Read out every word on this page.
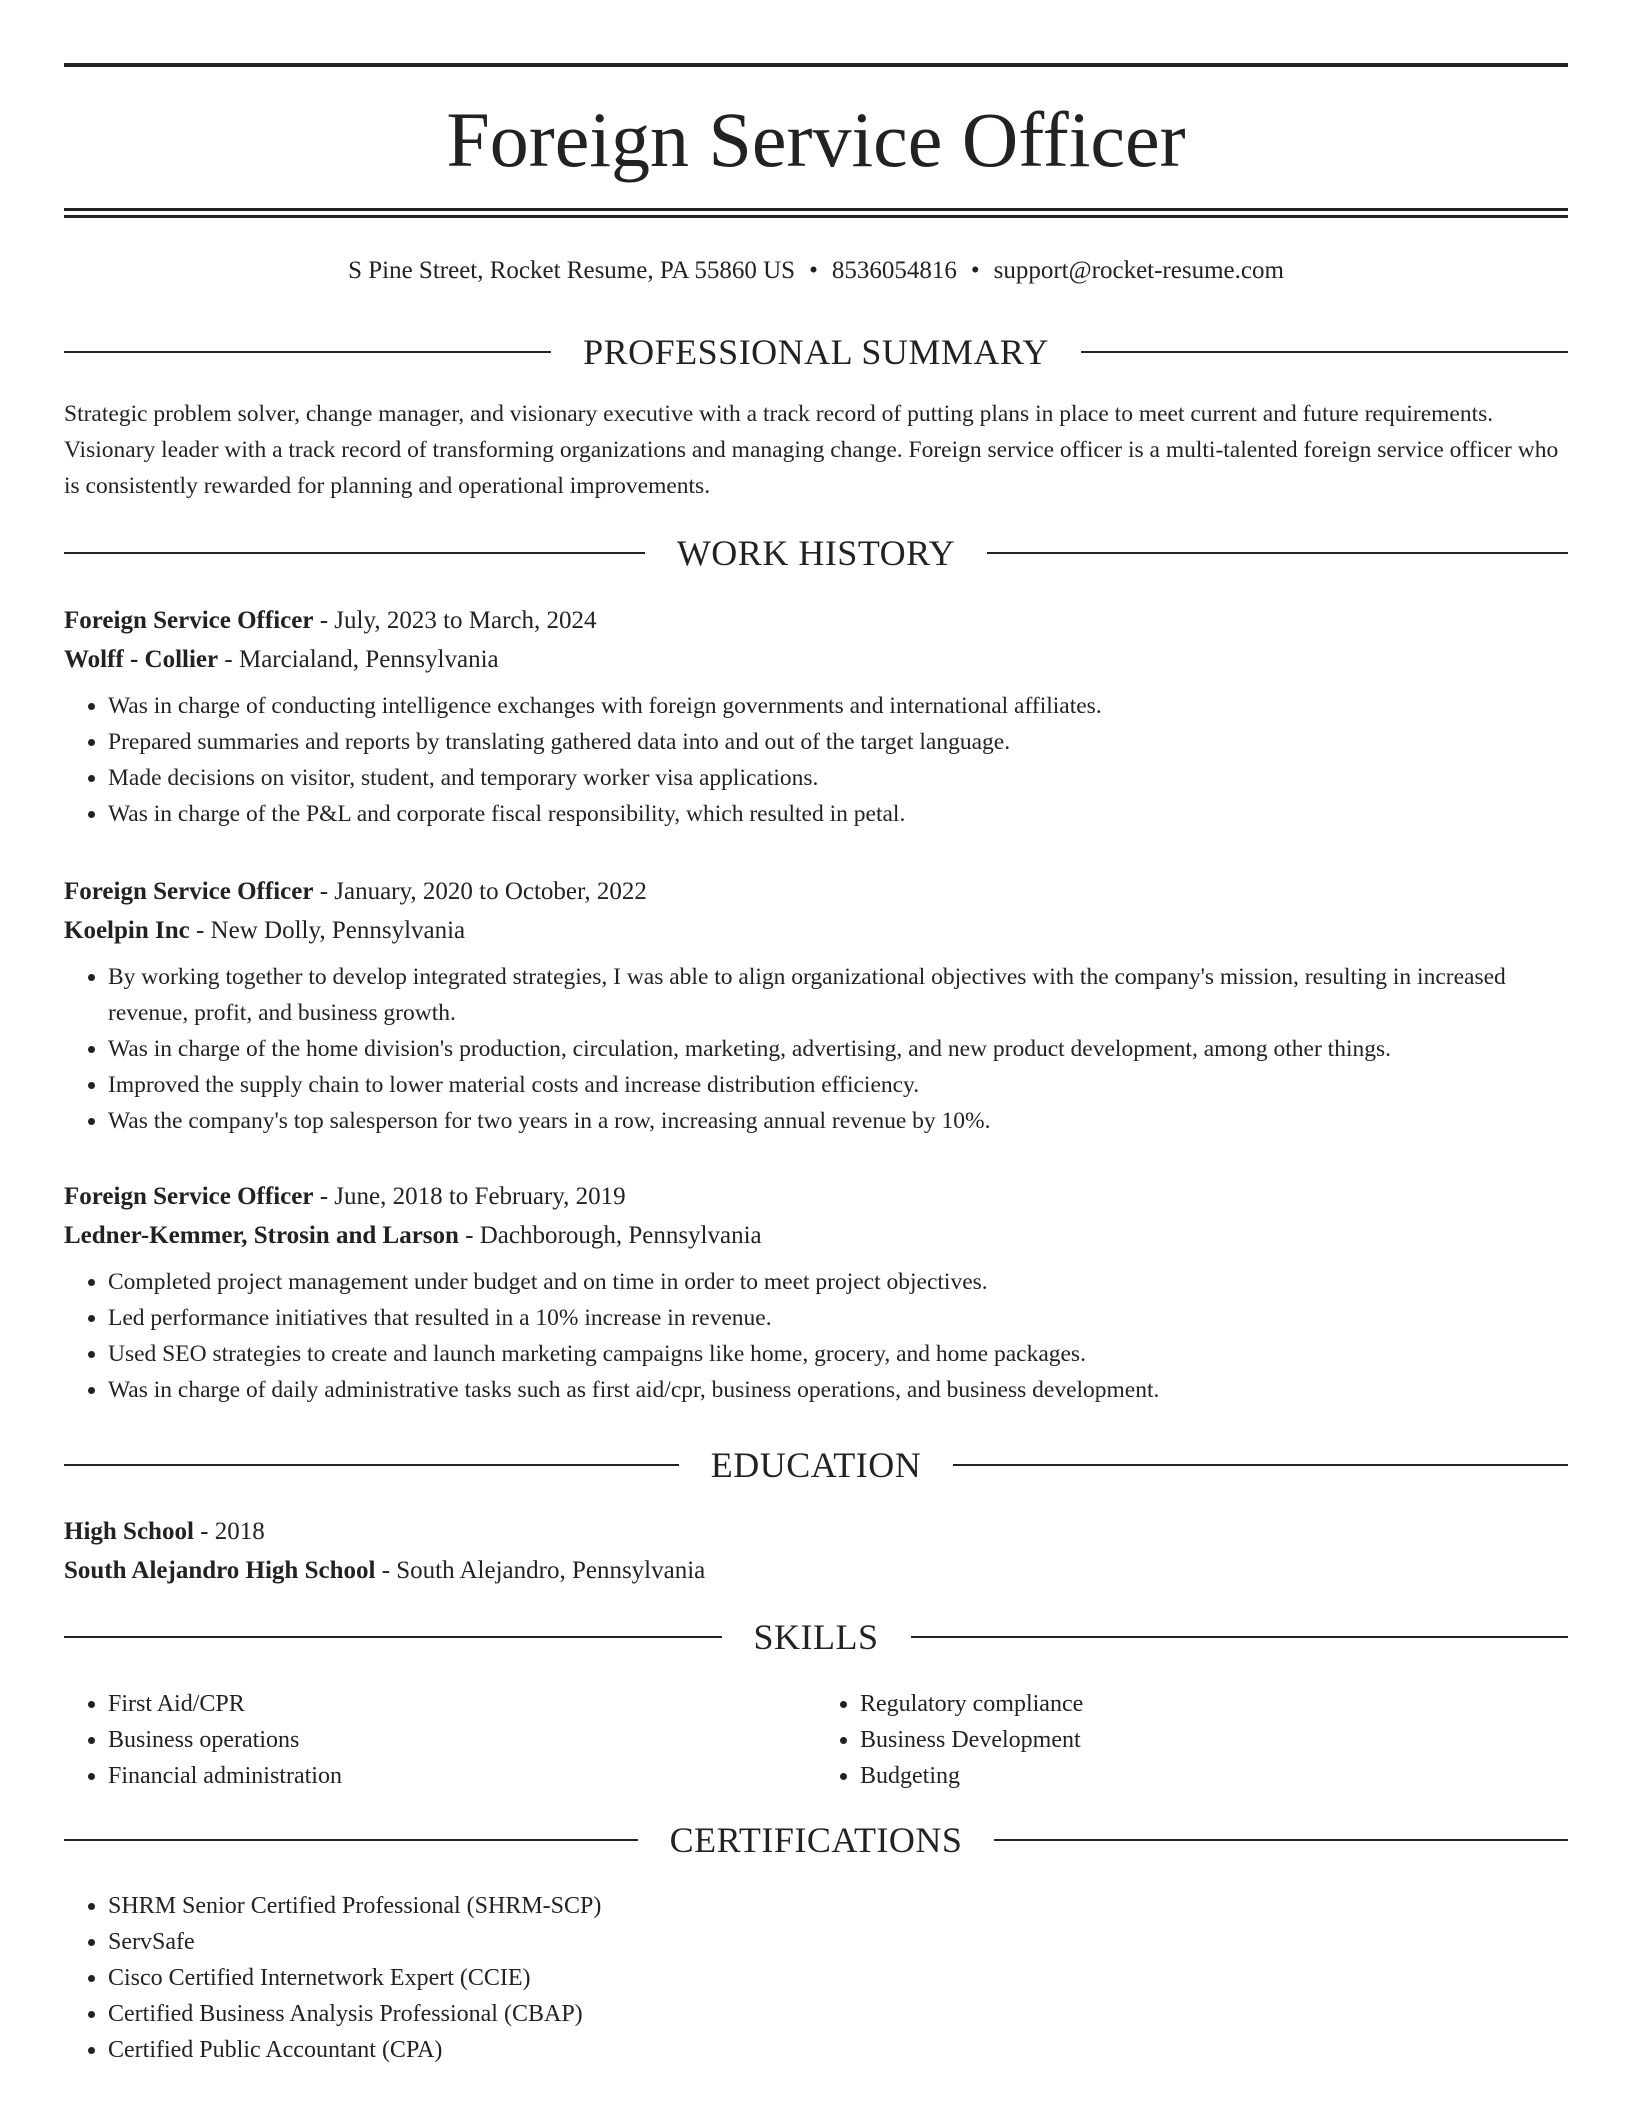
Foreign Service Officer
S Pine Street, Rocket Resume, PA 55860 US • 8536054816 • support@rocket-resume.com
PROFESSIONAL SUMMARY

Strategic problem solver, change manager, and visionary executive with a track record of putting plans in place to meet current and future requirements. Visionary leader with a track record of transforming organizations and managing change. Foreign service officer is a multi-talented foreign service officer who is consistently rewarded for planning and operational improvements.

WORK HISTORY

Foreign Service Officer - July, 2023 to March, 2024

Wolff - Collier - Marcialand, Pennsylvania

• Was in charge of conducting intelligence exchanges with foreign governments and international affiliates.
• Prepared summaries and reports by translating gathered data into and out of the target language.
• Made decisions on visitor, student, and temporary worker visa applications.
• Was in charge of the P&L and corporate fiscal responsibility, which resulted in petal.

Foreign Service Officer - January, 2020 to October, 2022

Koelpin Inc - New Dolly, Pennsylvania

• By working together to develop integrated strategies, I was able to align organizational objectives with the company's mission, resulting in increased revenue, profit, and business growth.
• Was in charge of the home division's production, circulation, marketing, advertising, and new product development, among other things.
• Improved the supply chain to lower material costs and increase distribution efficiency.
• Was the company's top salesperson for two years in a row, increasing annual revenue by 10%.

Foreign Service Officer - June, 2018 to February, 2019

Ledner-Kemmer, Strosin and Larson - Dachborough, Pennsylvania

• Completed project management under budget and on time in order to meet project objectives.
• Led performance initiatives that resulted in a 10% increase in revenue.
• Used SEO strategies to create and launch marketing campaigns like home, grocery, and home packages.
• Was in charge of daily administrative tasks such as first aid/cpr, business operations, and business development.
EDUCATION

High School - 2018

South Alejandro High School - South Alejandro, Pennsylvania

SKILLS
• First Aid/CPR
• Business operations
• Financial administration
• Regulatory compliance
• Business Development
• Budgeting
CERTIFICATIONS
• SHRM Senior Certified Professional (SHRM-SCP)
• ServSafe
• Cisco Certified Internetwork Expert (CCIE)
• Certified Business Analysis Professional (CBAP)
• Certified Public Accountant (CPA)
